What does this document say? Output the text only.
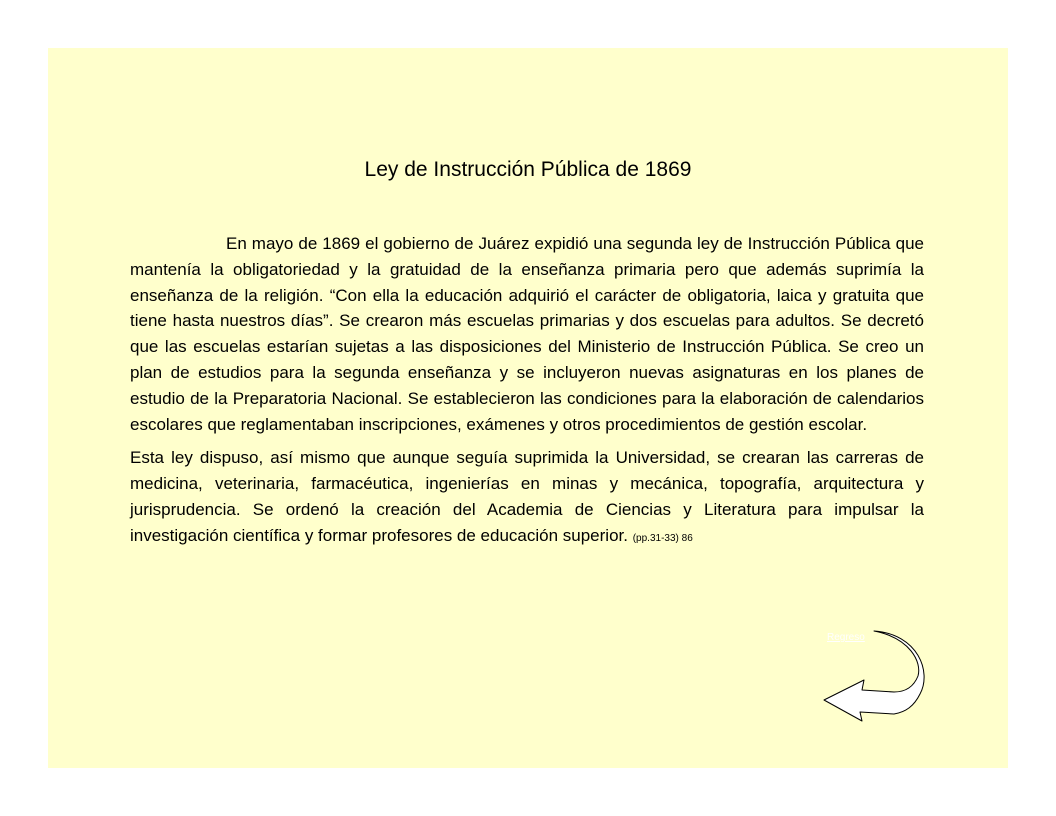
Ley de Instrucción Pública de 1869

En mayo de 1869 el gobierno de Juárez expidió una segunda ley de Instrucción Pública que mantenía la obligatoriedad y la gratuidad de la enseñanza primaria pero que además suprimía la enseñanza de la religión. “Con ella la educación adquirió el carácter de obligatoria, laica y gratuita que tiene hasta nuestros días”. Se crearon más escuelas primarias y dos escuelas para adultos. Se decretó que las escuelas estarían sujetas a las disposiciones del Ministerio de Instrucción Pública. Se creo un plan de estudios para la segunda enseñanza y se incluyeron nuevas asignaturas en los planes de estudio de la Preparatoria Nacional. Se establecieron las condiciones para la elaboración de calendarios escolares que reglamentaban inscripciones, exámenes y otros procedimientos de gestión escolar.

Esta ley dispuso, así mismo que aunque seguía suprimida la Universidad, se crearan las carreras de medicina, veterinaria, farmacéutica, ingenierías en minas y mecánica, topografía, arquitectura y jurisprudencia. Se ordenó la creación del Academia de Ciencias y Literatura para impulsar la investigación científica y formar profesores de educación superior. (pp.31-33) 86

Regreso
